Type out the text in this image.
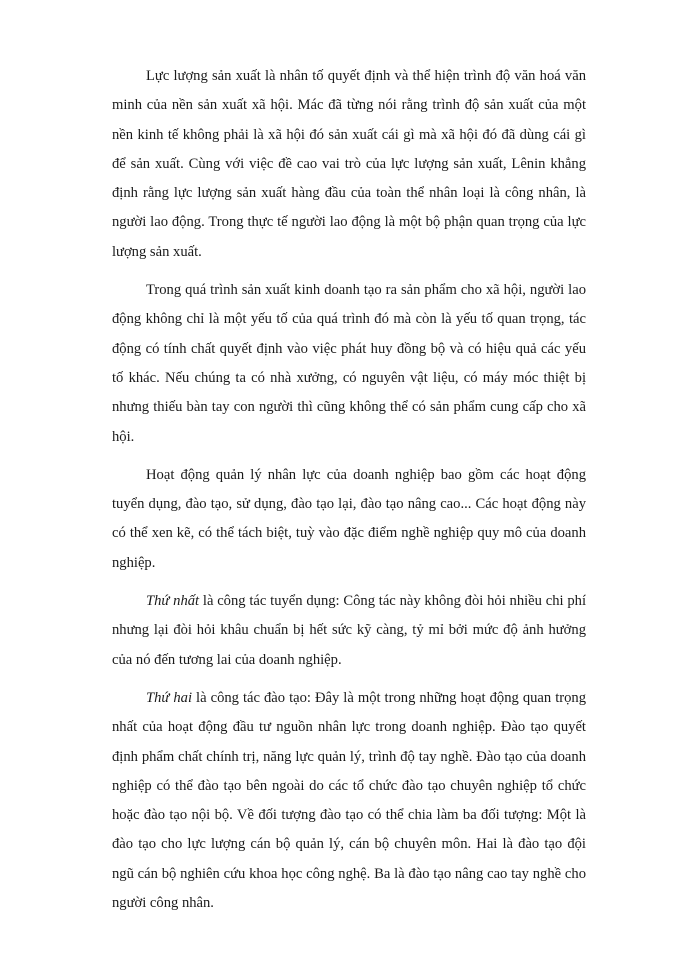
Lực lượng sản xuất là nhân tố quyết định và thể hiện trình độ văn hoá văn minh của nền sản xuất xã hội. Mác đã từng nói rằng trình độ sản xuất của một nền kinh tế không phải là xã hội đó sản xuất cái gì mà xã hội đó đã dùng cái gì để sản xuất. Cùng với việc đề cao vai trò của lực lượng sản xuất, Lênin khẳng định rằng lực lượng sản xuất hàng đầu của toàn thể nhân loại là công nhân, là người lao động. Trong thực tế người lao động là một bộ phận quan trọng của lực lượng sản xuất.

Trong quá trình sản xuất kinh doanh tạo ra sản phẩm cho xã hội, người lao động không chỉ là một yếu tố của quá trình đó mà còn là yếu tố quan trọng, tác động có tính chất quyết định vào việc phát huy đồng bộ và có hiệu quả các yếu tố khác. Nếu chúng ta có nhà xưởng, có nguyên vật liệu, có máy móc thiệt bị nhưng thiếu bàn tay con người thì cũng không thể có sản phẩm cung cấp cho xã hội.

Hoạt động quản lý nhân lực của doanh nghiệp bao gồm các hoạt động tuyển dụng, đào tạo, sử dụng, đào tạo lại, đào tạo nâng cao... Các hoạt động này có thể xen kẽ, có thể tách biệt, tuỳ vào đặc điểm nghề nghiệp quy mô của doanh nghiệp.

Thứ nhất là công tác tuyển dụng: Công tác này không đòi hỏi nhiều chi phí nhưng lại đòi hỏi khâu chuẩn bị hết sức kỹ càng, tỷ mỉ bởi mức độ ảnh hưởng của nó đến tương lai của doanh nghiệp.

Thứ hai là công tác đào tạo: Đây là một trong những hoạt động quan trọng nhất của hoạt động đầu tư nguồn nhân lực trong doanh nghiệp. Đào tạo quyết định phẩm chất chính trị, năng lực quản lý, trình độ tay nghề. Đào tạo của doanh nghiệp có thể đào tạo bên ngoài do các tổ chức đào tạo chuyên nghiệp tổ chức hoặc đào tạo nội bộ. Về đối tượng đào tạo có thể chia làm ba đối tượng: Một là đào tạo cho lực lượng cán bộ quản lý, cán bộ chuyên môn. Hai là đào tạo đội ngũ cán bộ nghiên cứu khoa học công nghệ. Ba là đào tạo nâng cao tay nghề cho người công nhân.
